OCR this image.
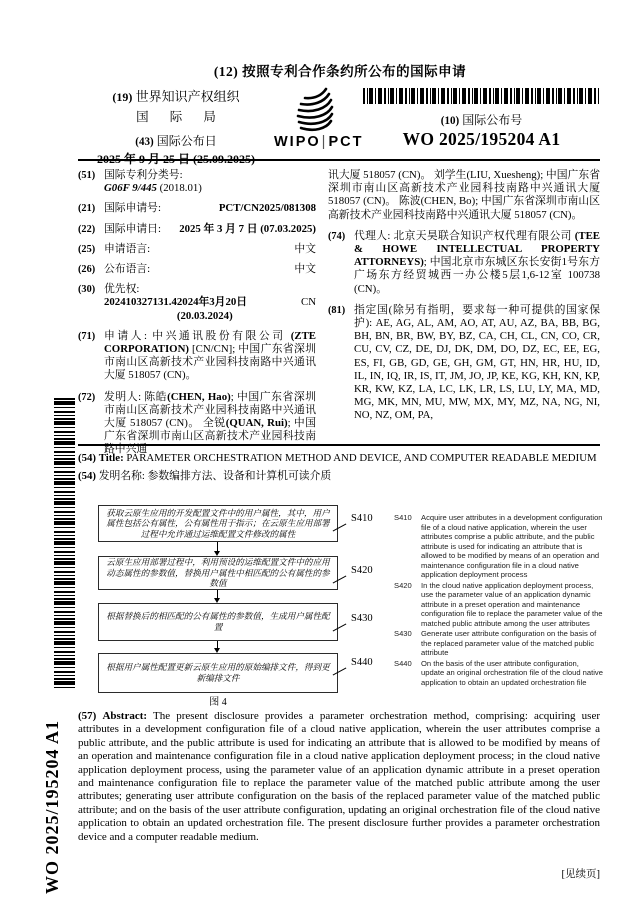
(12) 按照专利合作条约所公布的国际申请
(19) 世界知识产权组织
国 际 局
(43) 国际公布日
2025 年 9 月 25 日 (25.09.2025)
WIPO|PCT
(10) 国际公布号
WO 2025/195204 A1
(51) 国际专利分类号:
G06F 9/445 (2018.01)
(21) 国际申请号:	PCT/CN2025/081308
(22) 国际申请日: 2025 年 3 月 7 日 (07.03.2025)
(25) 申请语言:	中文
(26) 公布语言:	中文
(30) 优先权:
202410327131.4 2024年3月20日 (20.03.2024)
CN
(71) 申请人: 中兴通讯股份有限公司 (ZTE CORPORATION) [CN/CN]; 中国广东省深圳市南山区高新技术产业园科技南路中兴通讯大厦 518057 (CN)。
(72) 发明人: 陈皓(CHEN, Hao); 中国广东省深圳市南山区高新技术产业园科技南路中兴通讯大厦 518057 (CN)。 全锐(QUAN, Rui); 中国广东省深圳市南山区高新技术产业园科技南路中兴通
讯大厦 518057 (CN)。 刘学生(LIU, Xuesheng); 中国广东省深圳市南山区高新技术产业园科技南路中兴通讯大厦 518057 (CN)。 陈波(CHEN, Bo); 中国广东省深圳市南山区高新技术产业园科技南路中兴通讯大厦 518057 (CN)。
(74) 代理人: 北京天昊联合知识产权代理有限公司 (TEE & HOWE INTELLECTUAL PROPERTY ATTORNEYS); 中国北京市东城区东长安街1号东方广场东方经贸城西一办公楼5层1,6-12室 100738 (CN)。
(81) 指定国(除另有指明，要求每一种可提供的国家保护): AE, AG, AL, AM, AO, AT, AU, AZ, BA, BB, BG, BH, BN, BR, BW, BY, BZ, CA, CH, CL, CN, CO, CR, CU, CV, CZ, DE, DJ, DK, DM, DO, DZ, EC, EE, EG, ES, FI, GB, GD, GE, GH, GM, GT, HN, HR, HU, ID, IL, IN, IQ, IR, IS, IT, JM, JO, JP, KE, KG, KH, KN, KP, KR, KW, KZ, LA, LC, LK, LR, LS, LU, LY, MA, MD, MG, MK, MN, MU, MW, MX, MY, MZ, NA, NG, NI, NO, NZ, OM, PA,
(54) Title: PARAMETER ORCHESTRATION METHOD AND DEVICE, AND COMPUTER READABLE MEDIUM
(54) 发明名称: 参数编排方法、设备和计算机可读介质
获取云原生应用的开发配置文件中的用户属性，其中，用户属性包括公有属性，公有属性用于指示；在云原生应用部署过程中允许通过运维配置文件修改的属性
云原生应用部署过程中，利用预设的运维配置文件中的应用动态属性的参数值，替换用户属性中相匹配的公有属性的参数值
根据替换后的相匹配的公有属性的参数值，生成用户属性配置
根据用户属性配置更新云原生应用的原始编排文件，得到更新编排文件
S410
S420
S430
S440
图 4
S410	Acquire user attributes in a development configuration file of a cloud native application, wherein the user attributes comprise a public attribute, and the public attribute is used for indicating an attribute that is allowed to be modified by means of an operation and maintenance configuration file in a cloud native application deployment process
S420	In the cloud native application deployment process, use the parameter value of an application dynamic attribute in a preset operation and maintenance configuration file to replace the parameter value of the matched public attribute among the user attributes
S430	Generate user attribute configuration on the basis of the replaced parameter value of the matched public attribute
S440	On the basis of the user attribute configuration, update an original orchestration file of the cloud native application to obtain an updated orchestration file
(57) Abstract: The present disclosure provides a parameter orchestration method, comprising: acquiring user attributes in a development configuration file of a cloud native application, wherein the user attributes comprise a public attribute, and the public attribute is used for indicating an attribute that is allowed to be modified by means of an operation and maintenance configuration file in a cloud native application deployment process; in the cloud native application deployment process, using the parameter value of an application dynamic attribute in a preset operation and maintenance configuration file to replace the parameter value of the matched public attribute among the user attributes; generating user attribute configuration on the basis of the replaced parameter value of the matched public attribute; and on the basis of the user attribute configuration, updating an original orchestration file of the cloud native application to obtain an updated orchestration file. The present disclosure further provides a parameter orchestration device and a computer readable medium.
[见续页]
WO 2025/195204 A1
